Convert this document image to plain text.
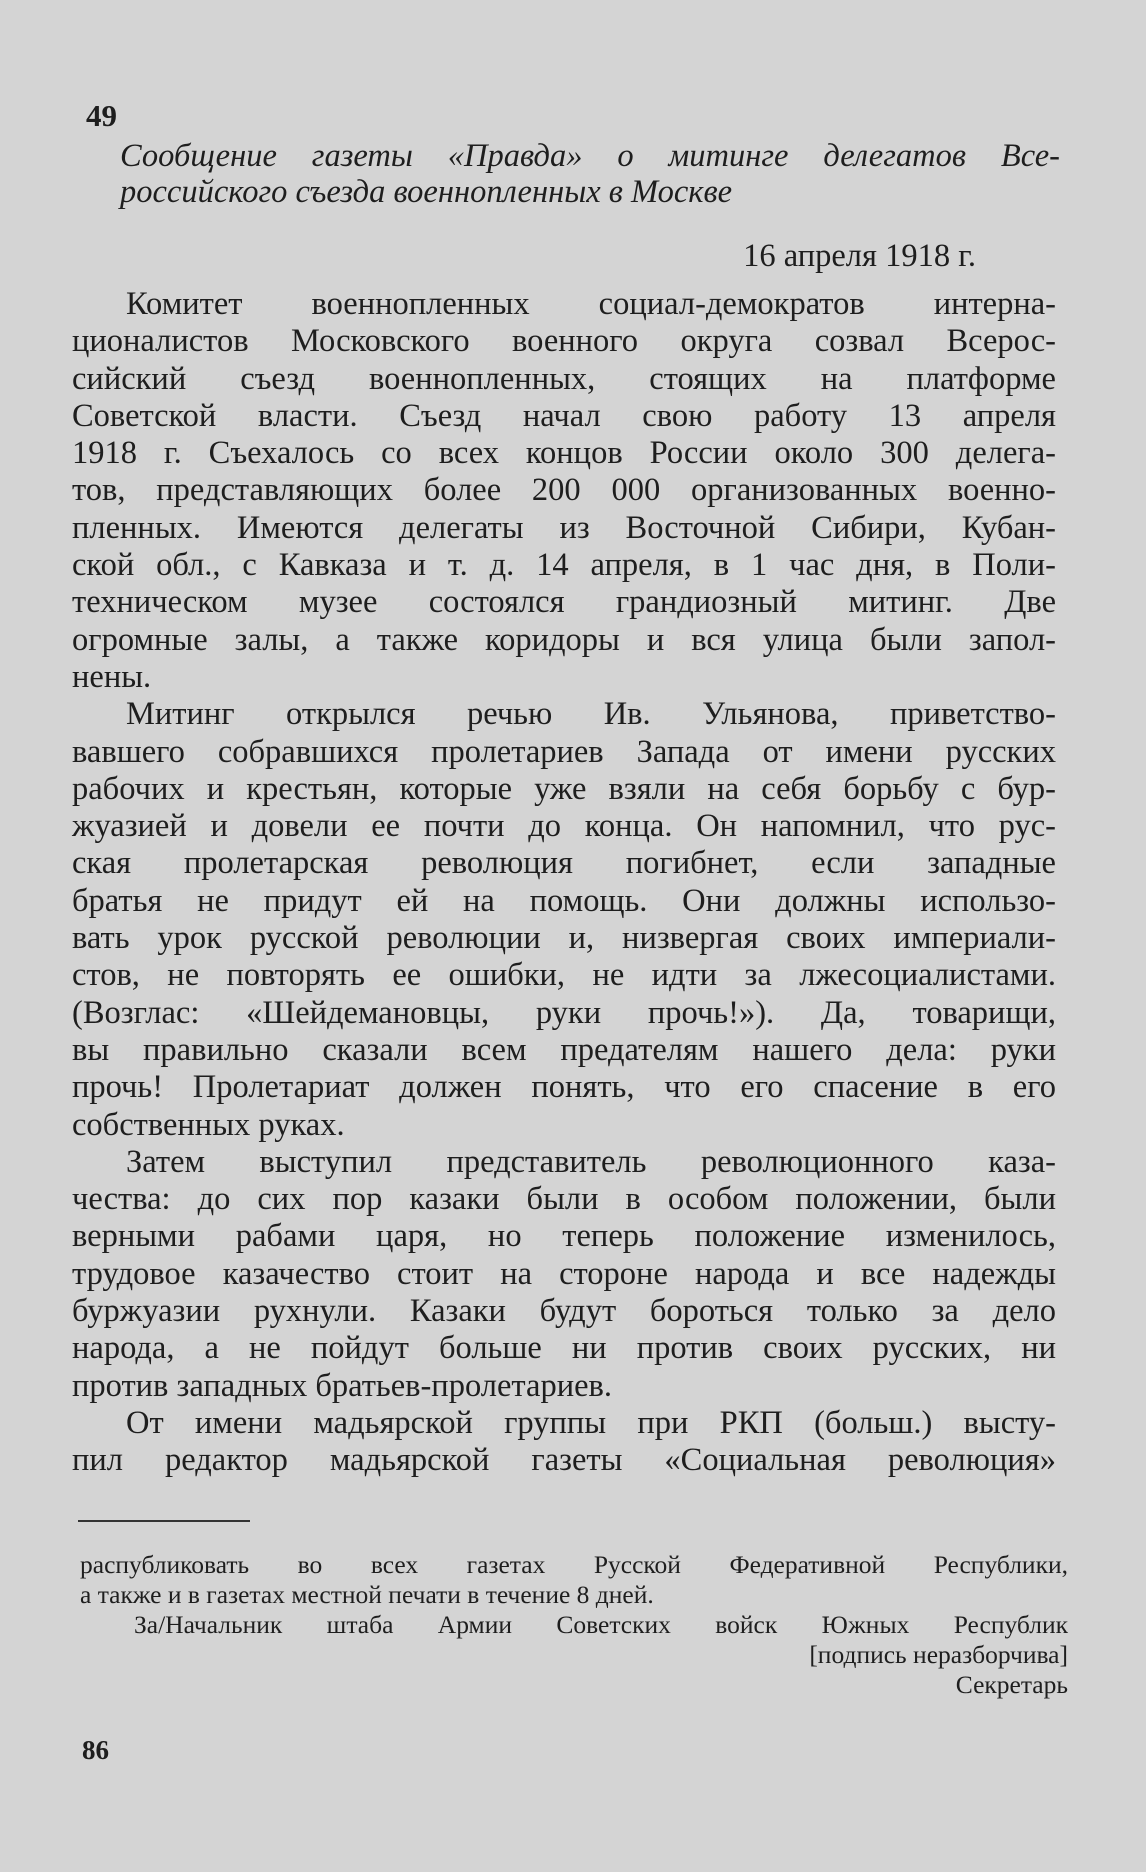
49
Сообщение газеты «Правда» о митинге делегатов Все-
российского съезда военнопленных в Москве
16 апреля 1918 г.
Комитет военнопленных социал-демократов интерна-
ционалистов Московского военного округа созвал Всерос-
сийский съезд военнопленных, стоящих на платформе
Советской власти. Съезд начал свою работу 13 апреля
1918 г. Съехалось со всех концов России около 300 делега-
тов, представляющих более 200 000 организованных военно-
пленных. Имеются делегаты из Восточной Сибири, Кубан-
ской обл., с Кавказа и т. д. 14 апреля, в 1 час дня, в Поли-
техническом музее состоялся грандиозный митинг. Две
огромные залы, а также коридоры и вся улица были запол-
нены.
Митинг открылся речью Ив. Ульянова, приветство-
вавшего собравшихся пролетариев Запада от имени русских
рабочих и крестьян, которые уже взяли на себя борьбу с бур-
жуазией и довели ее почти до конца. Он напомнил, что рус-
ская пролетарская революция погибнет, если западные
братья не придут ей на помощь. Они должны использо-
вать урок русской революции и, низвергая своих империали-
стов, не повторять ее ошибки, не идти за лжесоциалистами.
(Возглас: «Шейдемановцы, руки прочь!»). Да, товарищи,
вы правильно сказали всем предателям нашего дела: руки
прочь! Пролетариат должен понять, что его спасение в его
собственных руках.
Затем выступил представитель революционного каза-
чества: до сих пор казаки были в особом положении, были
верными рабами царя, но теперь положение изменилось,
трудовое казачество стоит на стороне народа и все надежды
буржуазии рухнули. Казаки будут бороться только за дело
народа, а не пойдут больше ни против своих русских, ни
против западных братьев-пролетариев.
От имени мадьярской группы при РКП (больш.) высту-
пил редактор мадьярской газеты «Социальная революция»
распубликовать во всех газетах Русской Федеративной Республики,
а также и в газетах местной печати в течение 8 дней.
За/Начальник штаба Армии Советских войск Южных Республик
[подпись неразборчива]
Секретарь
86
